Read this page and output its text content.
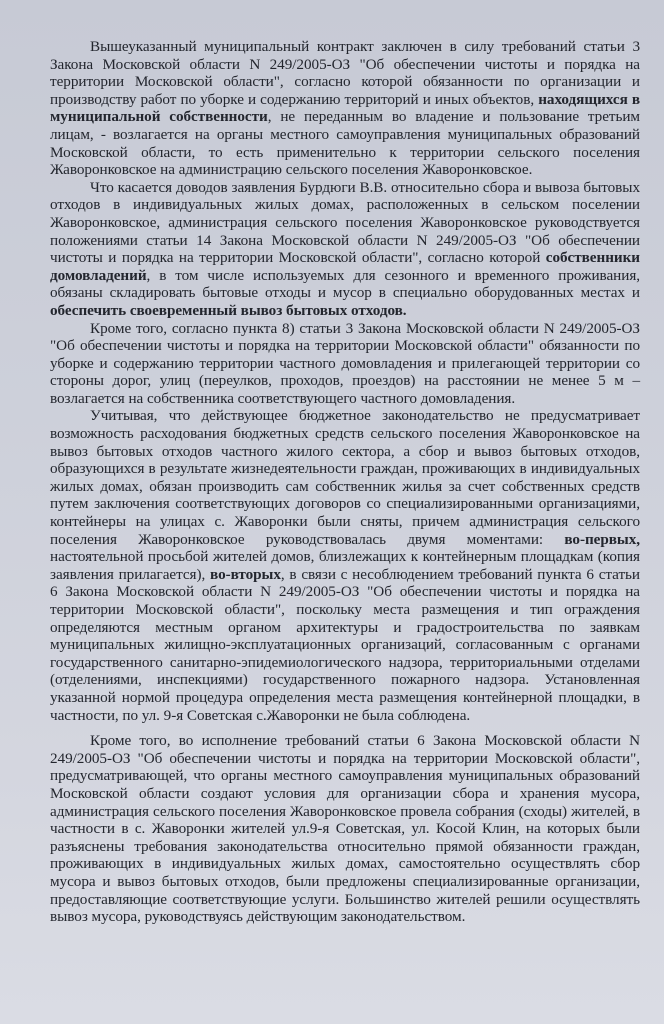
Вышеуказанный муниципальный контракт заключен в силу требований статьи 3 Закона Московской области N 249/2005-ОЗ "Об обеспечении чистоты и порядка на территории Московской области", согласно которой обязанности по организации и производству работ по уборке и содержанию территорий и иных объектов, находящихся в муниципальной собственности, не переданным во владение и пользование третьим лицам, - возлагается на органы местного самоуправления муниципальных образований Московской области, то есть применительно к территории сельского поселения Жаворонковское на администрацию сельского поселения Жаворонковское.

Что касается доводов заявления Бурдюги В.В. относительно сбора и вывоза бытовых отходов в индивидуальных жилых домах, расположенных в сельском поселении Жаворонковское, администрация сельского поселения Жаворонковское руководствуется положениями статьи 14 Закона Московской области N 249/2005-ОЗ "Об обеспечении чистоты и порядка на территории Московской области", согласно которой собственники домовладений, в том числе используемых для сезонного и временного проживания, обязаны складировать бытовые отходы и мусор в специально оборудованных местах и обеспечить своевременный вывоз бытовых отходов.

Кроме того, согласно пункта 8) статьи 3 Закона Московской области N 249/2005-ОЗ "Об обеспечении чистоты и порядка на территории Московской области" обязанности по уборке и содержанию территории частного домовладения и прилегающей территории со стороны дорог, улиц (переулков, проходов, проездов) на расстоянии не менее 5 м – возлагается на собственника соответствующего частного домовладения.

Учитывая, что действующее бюджетное законодательство не предусматривает возможность расходования бюджетных средств сельского поселения Жаворонковское на вывоз бытовых отходов частного жилого сектора, а сбор и вывоз бытовых отходов, образующихся в результате жизнедеятельности граждан, проживающих в индивидуальных жилых домах, обязан производить сам собственник жилья за счет собственных средств путем заключения соответствующих договоров со специализированными организациями, контейнеры на улицах с. Жаворонки были сняты, причем администрация сельского поселения Жаворонковское руководствовалась двумя моментами: во-первых, настоятельной просьбой жителей домов, близлежащих к контейнерным площадкам (копия заявления прилагается), во-вторых, в связи с несоблюдением требований пункта 6 статьи 6 Закона Московской области N 249/2005-ОЗ "Об обеспечении чистоты и порядка на территории Московской области", поскольку места размещения и тип ограждения определяются местным органом архитектуры и градостроительства по заявкам муниципальных жилищно-эксплуатационных организаций, согласованным с органами государственного санитарно-эпидемиологического надзора, территориальными отделами (отделениями, инспекциями) государственного пожарного надзора. Установленная указанной нормой процедура определения места размещения контейнерной площадки, в частности, по ул. 9-я Советская с.Жаворонки не была соблюдена.

Кроме того, во исполнение требований статьи 6 Закона Московской области N 249/2005-ОЗ "Об обеспечении чистоты и порядка на территории Московской области", предусматривающей, что органы местного самоуправления муниципальных образований Московской области создают условия для организации сбора и хранения мусора, администрация сельского поселения Жаворонковское провела собрания (сходы) жителей, в частности в с. Жаворонки жителей ул.9-я Советская, ул. Косой Клин, на которых были разъяснены требования законодательства относительно прямой обязанности граждан, проживающих в индивидуальных жилых домах, самостоятельно осуществлять сбор мусора и вывоз бытовых отходов, были предложены специализированные организации, предоставляющие соответствующие услуги. Большинство жителей решили осуществлять вывоз мусора, руководствуясь действующим законодательством.
